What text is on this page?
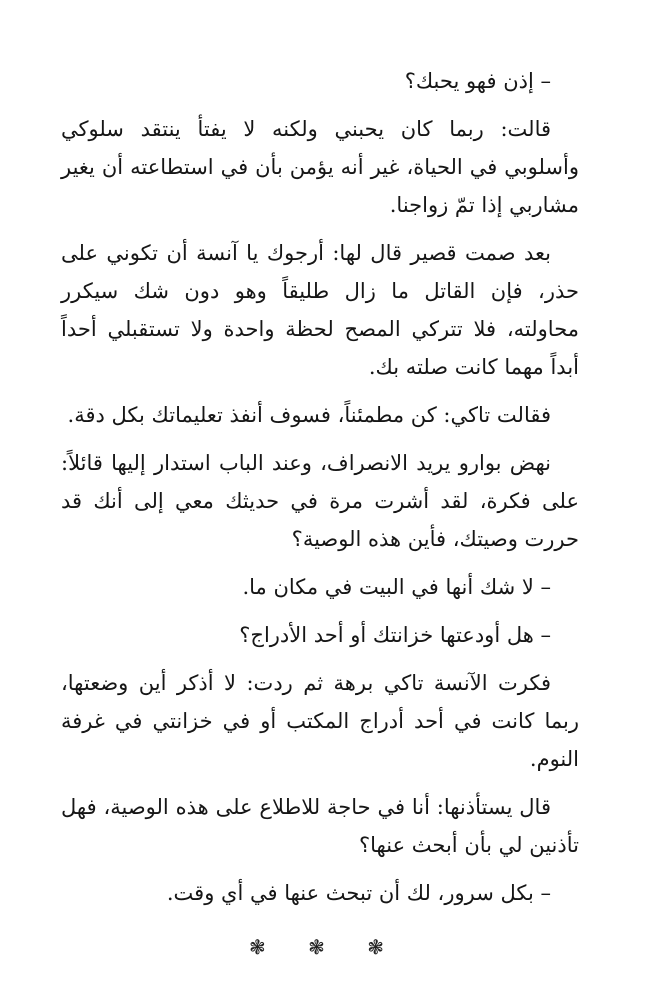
– إذن فهو يحبك؟

قالت: ربما كان يحبني ولكنه لا يفتأ ينتقد سلوكي وأسلوبي في الحياة، غير أنه يؤمن بأن في استطاعته أن يغير مشاربي إذا تمّ زواجنا.

بعد صمت قصير قال لها: أرجوك يا آنسة أن تكوني على حذر، فإن القاتل ما زال طليقاً وهو دون شك سيكرر محاولته، فلا تتركي المصح لحظة واحدة ولا تستقبلي أحداً أبداً مهما كانت صلته بك.

فقالت تاكي: كن مطمئناً، فسوف أنفذ تعليماتك بكل دقة.

نهض بوارو يريد الانصراف، وعند الباب استدار إليها قائلاً: على فكرة، لقد أشرت مرة في حديثك معي إلى أنك قد حررت وصيتك، فأين هذه الوصية؟

– لا شك أنها في البيت في مكان ما.

– هل أودعتها خزانتك أو أحد الأدراج؟

فكرت الآنسة تاكي برهة ثم ردت: لا أذكر أين وضعتها، ربما كانت في أحد أدراج المكتب أو في خزانتي في غرفة النوم.

قال يستأذنها: أنا في حاجة للاطلاع على هذه الوصية، فهل تأذنين لي بأن أبحث عنها؟

– بكل سرور، لك أن تبحث عنها في أي وقت.

❃ ❃ ❃
